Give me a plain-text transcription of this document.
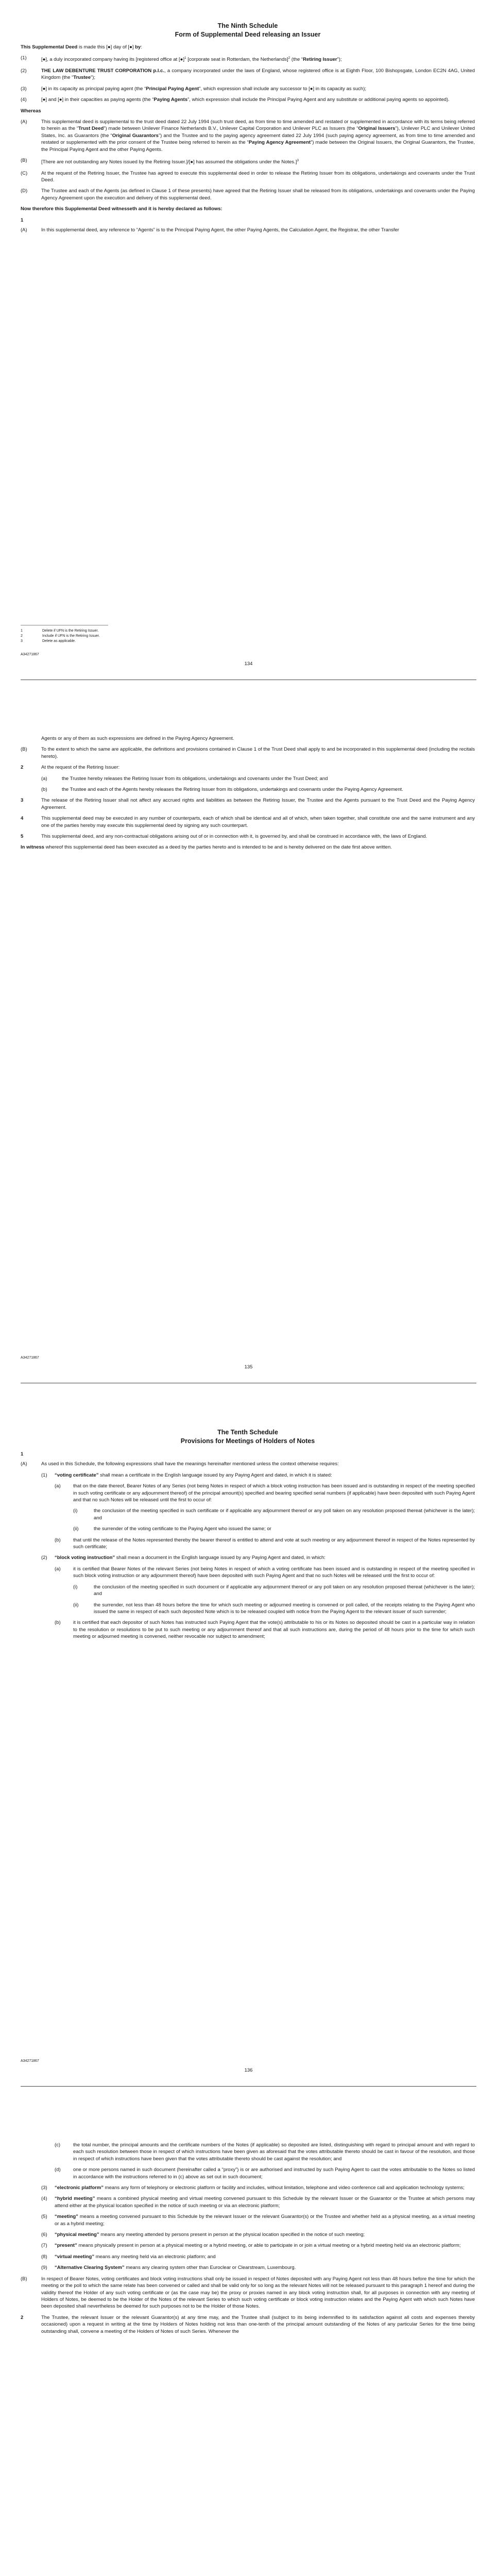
The Ninth Schedule
Form of Supplemental Deed releasing an Issuer
This Supplemental Deed is made this [●] day of [●] by:
(1)	[●], a duly incorporated company having its [registered office at [●]$^1$ [corporate seat in Rotterdam, the Netherlands]$^2$ (the “Retiring Issuer”);
(2)	THE LAW DEBENTURE TRUST CORPORATION p.l.c., a company incorporated under the laws of England, whose registered office is at Eighth Floor, 100 Bishopsgate, London EC2N 4AG, United Kingdom (the “Trustee”);
(3)	[●] in its capacity as principal paying agent (the “Principal Paying Agent”, which expression shall include any successor to [●] in its capacity as such);
(4)	[●] and [●] in their capacities as paying agents (the “Paying Agents”, which expression shall include the Principal Paying Agent and any substitute or additional paying agents so appointed).
Whereas
(A)	This supplemental deed is supplemental to the trust deed dated 22 July 1994 (such trust deed, as from time to time amended and restated or supplemented in accordance with its terms being referred to herein as the “Trust Deed”) made between Unilever Finance Netherlands B.V., Unilever Capital Corporation and Unilever PLC as Issuers (the “Original Issuers”), Unilever PLC and Unilever United States, Inc. as Guarantors (the “Original Guarantors”) and the Trustee and to the paying agency agreement dated 22 July 1994 (such paying agency agreement, as from time to time amended and restated or supplemented with the prior consent of the Trustee being referred to herein as the “Paying Agency Agreement”) made between the Original Issuers, the Original Guarantors, the Trustee, the Principal Paying Agent and the other Paying Agents.
(B)	[There are not outstanding any Notes issued by the Retiring Issuer.]/[●] has assumed the obligations under the Notes.]$^3$
(C)	At the request of the Retiring Issuer, the Trustee has agreed to execute this supplemental deed in order to release the Retiring Issuer from its obligations, undertakings and covenants under the Trust Deed.
(D)	The Trustee and each of the Agents (as defined in Clause 1 of these presents) have agreed that the Retiring Issuer shall be released from its obligations, undertakings and covenants under the Paying Agency Agreement upon the execution and delivery of this supplemental deed.
Now therefore this Supplemental Deed witnesseth and it is hereby declared as follows:
1
(A)	In this supplemental deed, any reference to “Agents” is to the Principal Paying Agent, the other Paying Agents, the Calculation Agent, the Registrar, the other Transfer
1	Delete if UFN is the Retiring Issuer.
2	Include if UFN is the Retiring Issuer.
3	Delete as applicable.
A34271867
134
Agents or any of them as such expressions are defined in the Paying Agency Agreement.
(B)	To the extent to which the same are applicable, the definitions and provisions contained in Clause 1 of the Trust Deed shall apply to and be incorporated in this supplemental deed (including the recitals hereto).
2	At the request of the Retiring Issuer:
(a)	the Trustee hereby releases the Retiring Issuer from its obligations, undertakings and covenants under the Trust Deed; and
(b)	the Trustee and each of the Agents hereby releases the Retiring Issuer from its obligations, undertakings and covenants under the Paying Agency Agreement.
3	The release of the Retiring Issuer shall not affect any accrued rights and liabilities as between the Retiring Issuer, the Trustee and the Agents pursuant to the Trust Deed and the Paying Agency Agreement.
4	This supplemental deed may be executed in any number of counterparts, each of which shall be identical and all of which, when taken together, shall constitute one and the same instrument and any one of the parties hereby may execute this supplemental deed by signing any such counterpart.
5	This supplemental deed, and any non-contractual obligations arising out of or in connection with it, is governed by, and shall be construed in accordance with, the laws of England.
In witness whereof this supplemental deed has been executed as a deed by the parties hereto and is intended to be and is hereby delivered on the date first above written.
A34271867
135
The Tenth Schedule
Provisions for Meetings of Holders of Notes
1
(A)	As used in this Schedule, the following expressions shall have the meanings hereinafter mentioned unless the context otherwise requires:
(1)	“voting certificate” shall mean a certificate in the English language issued by any Paying Agent and dated, in which it is stated:
(a)	that on the date thereof, Bearer Notes of any Series (not being Notes in respect of which a block voting instruction has been issued and is outstanding in respect of the meeting specified in such voting certificate or any adjournment thereof) of the principal amount(s) specified and bearing specified serial numbers (if applicable) have been deposited with such Paying Agent and that no such Notes will be released until the first to occur of:
(i)	the conclusion of the meeting specified in such certificate or if applicable any adjournment thereof or any poll taken on any resolution proposed thereat (whichever is the later); and
(ii)	the surrender of the voting certificate to the Paying Agent who issued the same; or
(b)	that until the release of the Notes represented thereby the bearer thereof is entitled to attend and vote at such meeting or any adjournment thereof in respect of the Notes represented by such certificate;
(2)	“block voting instruction” shall mean a document in the English language issued by any Paying Agent and dated, in which:
(a)	it is certified that Bearer Notes of the relevant Series (not being Notes in respect of which a voting certificate has been issued and is outstanding in respect of the meeting specified in such block voting instruction or any adjournment thereof) have been deposited with such Paying Agent and that no such Notes will be released until the first to occur of:
(i)	the conclusion of the meeting specified in such document or if applicable any adjournment thereof or any poll taken on any resolution proposed thereat (whichever is the later); and
(ii)	the surrender, not less than 48 hours before the time for which such meeting or adjourned meeting is convened or poll called, of the receipts relating to the Paying Agent who issued the same in respect of each such deposited Note which is to be released coupled with notice from the Paying Agent to the relevant issuer of such surrender;
(b)	it is certified that each depositor of such Notes has instructed such Paying Agent that the vote(s) attributable to his or its Notes so deposited should be cast in a particular way in relation to the resolution or resolutions to be put to such meeting or any adjournment thereof and that all such instructions are, during the period of 48 hours prior to the time for which such meeting or adjourned meeting is convened, neither revocable nor subject to amendment;
A34271867
136
(c)	the total number, the principal amounts and the certificate numbers of the Notes (if applicable) so deposited are listed, distinguishing with regard to principal amount and with regard to each such resolution between those in respect of which instructions have been given as aforesaid that the votes attributable thereto should be cast in favour of the resolution, and those in respect of which instructions have been given that the votes attributable thereto should be cast against the resolution; and
(d)	one or more persons named in such document (hereinafter called a “proxy”) is or are authorised and instructed by such Paying Agent to cast the votes attributable to the Notes so listed in accordance with the instructions referred to in (c) above as set out in such document;
(3)	“electronic platform” means any form of telephony or electronic platform or facility and includes, without limitation, telephone and video conference call and application technology systems;
(4)	“hybrid meeting” means a combined physical meeting and virtual meeting convened pursuant to this Schedule by the relevant Issuer or the Guarantor or the Trustee at which persons may attend either at the physical location specified in the notice of such meeting or via an electronic platform;
(5)	“meeting” means a meeting convened pursuant to this Schedule by the relevant Issuer or the relevant Guarantor(s) or the Trustee and whether held as a physical meeting, as a virtual meeting or as a hybrid meeting;
(6)	“physical meeting” means any meeting attended by persons present in person at the physical location specified in the notice of such meeting;
(7)	“present” means physically present in person at a physical meeting or a hybrid meeting, or able to participate in or join a virtual meeting or a hybrid meeting held via an electronic platform;
(8)	“virtual meeting” means any meeting held via an electronic platform; and
(9)	“Alternative Clearing System” means any clearing system other than Euroclear or Clearstream, Luxembourg.
(B)	In respect of Bearer Notes, voting certificates and block voting instructions shall only be issued in respect of Notes deposited with any Paying Agent not less than 48 hours before the time for which the meeting or the poll to which the same relate has been convened or called and shall be valid only for so long as the relevant Notes will not be released pursuant to this paragraph 1 hereof and during the validity thereof the Holder of any such voting certificate or (as the case may be) the proxy or proxies named in any block voting instruction shall, for all purposes in connection with any meeting of Holders of Notes, be deemed to be the Holder of the Notes of the relevant Series to which such voting certificate or block voting instruction relates and the Paying Agent with which such Notes have been deposited shall nevertheless be deemed for such purposes not to be the Holder of those Notes.
2	The Trustee, the relevant Issuer or the relevant Guarantor(s) at any time may, and the Trustee shall (subject to its being indemnified to its satisfaction against all costs and expenses thereby occasioned) upon a request in writing at the time by Holders of Notes holding not less than one-tenth of the principal amount outstanding of the Notes of any particular Series for the time being outstanding shall, convene a meeting of the Holders of Notes of such Series. Whenever the
